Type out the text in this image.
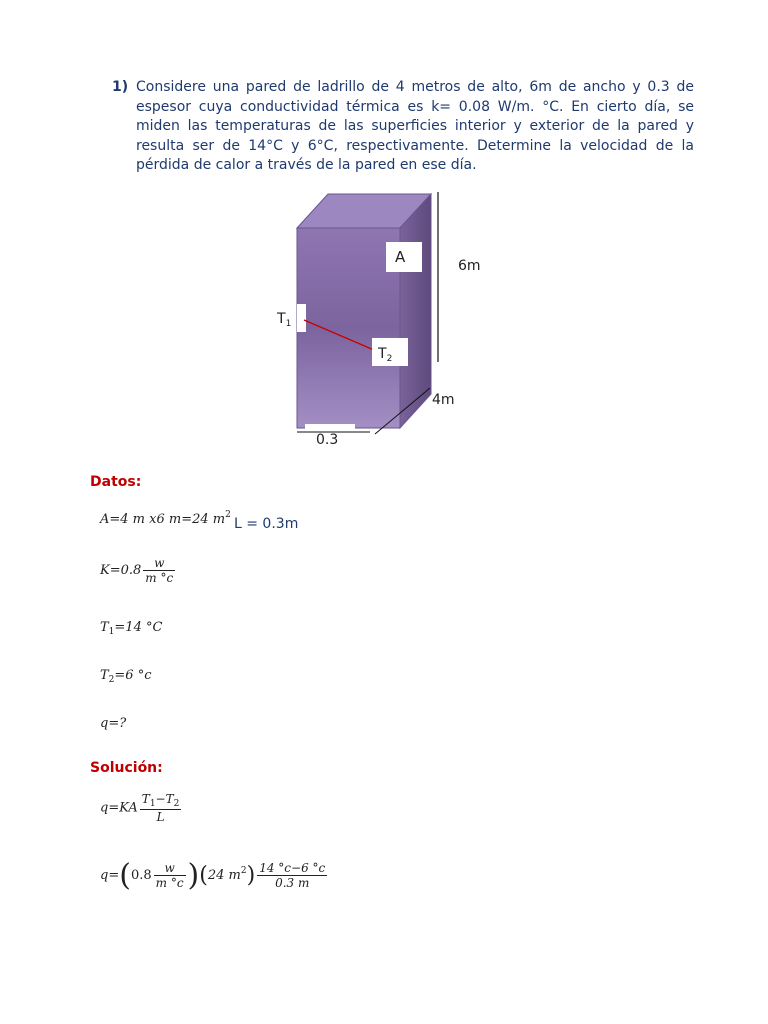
1) Considere una pared de ladrillo de 4 metros de alto, 6m de ancho y 0.3 de espesor cuya conductividad térmica es k= 0.08 W/m. °C. En cierto día, se miden las temperaturas de las superficies interior y exterior de la pared y resulta ser de 14°C y 6°C, respectivamente. Determine la velocidad de la pérdida de calor a través de la pared en ese día.
A	6m
4m
0.3
$T_1$
$T_2$
Datos:
A=4 m x6 m=24 $m^2$
L = 0.3m
$K=0.8 \frac{w}{m ^\circ c}$
$T_1=14$ °C
$T_2=6$ °c
q=?
Solución:
$q=KA \frac{T_1-T_2}{L}$
$q=(0.8 \frac{w}{m ^\circ c} )(24$ $m^2) \frac{14 ^\circ c-6 ^\circ c}{0.3 m}$
